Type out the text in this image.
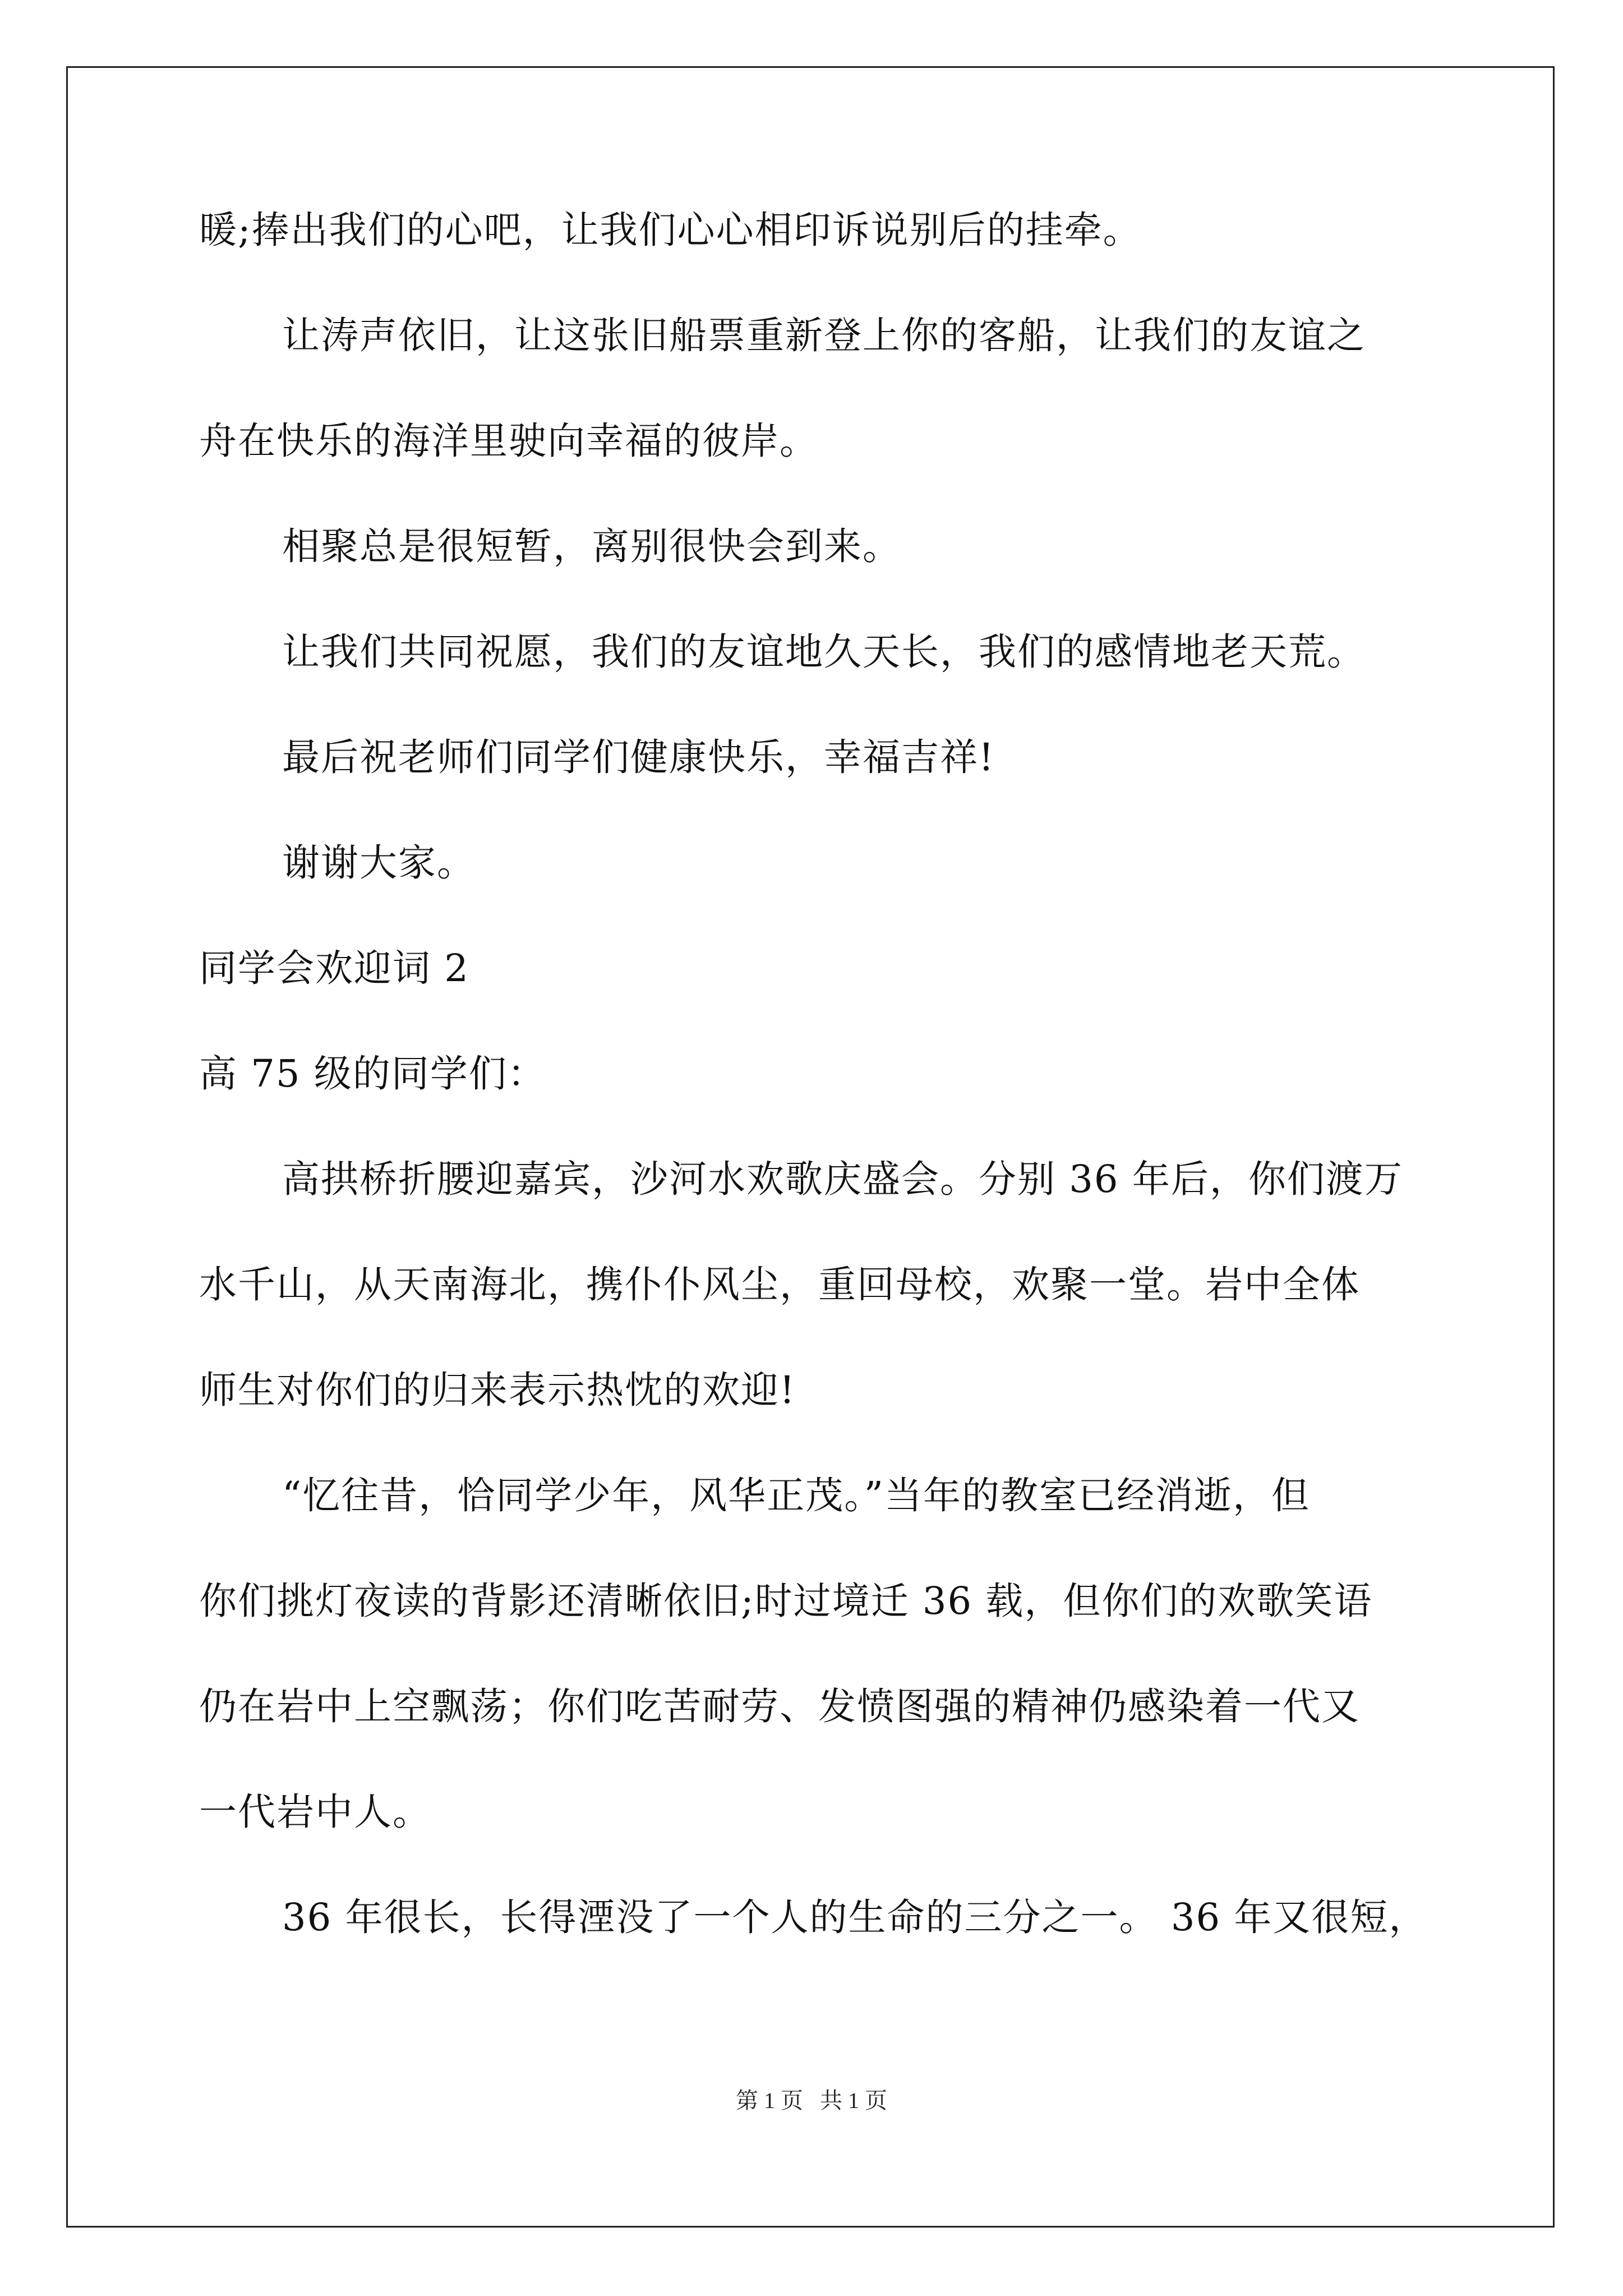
暖;捧出我们的心吧，让我们心心相印诉说别后的挂牵。
让涛声依旧，让这张旧船票重新登上你的客船，让我们的友谊之
舟在快乐的海洋里驶向幸福的彼岸。
相聚总是很短暂，离别很快会到来。
让我们共同祝愿，我们的友谊地久天长，我们的感情地老天荒。
最后祝老师们同学们健康快乐，幸福吉祥!
谢谢大家。
同学会欢迎词 2
高 75 级的同学们：
高拱桥折腰迎嘉宾，沙河水欢歌庆盛会。分别 36 年后，你们渡万
水千山，从天南海北，携仆仆风尘，重回母校，欢聚一堂。岩中全体
师生对你们的归来表示热忱的欢迎!
“忆往昔，恰同学少年，风华正茂。”当年的教室已经消逝，但
你们挑灯夜读的背影还清晰依旧;时过境迁 36 载，但你们的欢歌笑语
仍在岩中上空飘荡；你们吃苦耐劳、发愤图强的精神仍感染着一代又
一代岩中人。
36 年很长，长得湮没了一个人的生命的三分之一。 36 年又很短，
第 1 页 共 1 页
